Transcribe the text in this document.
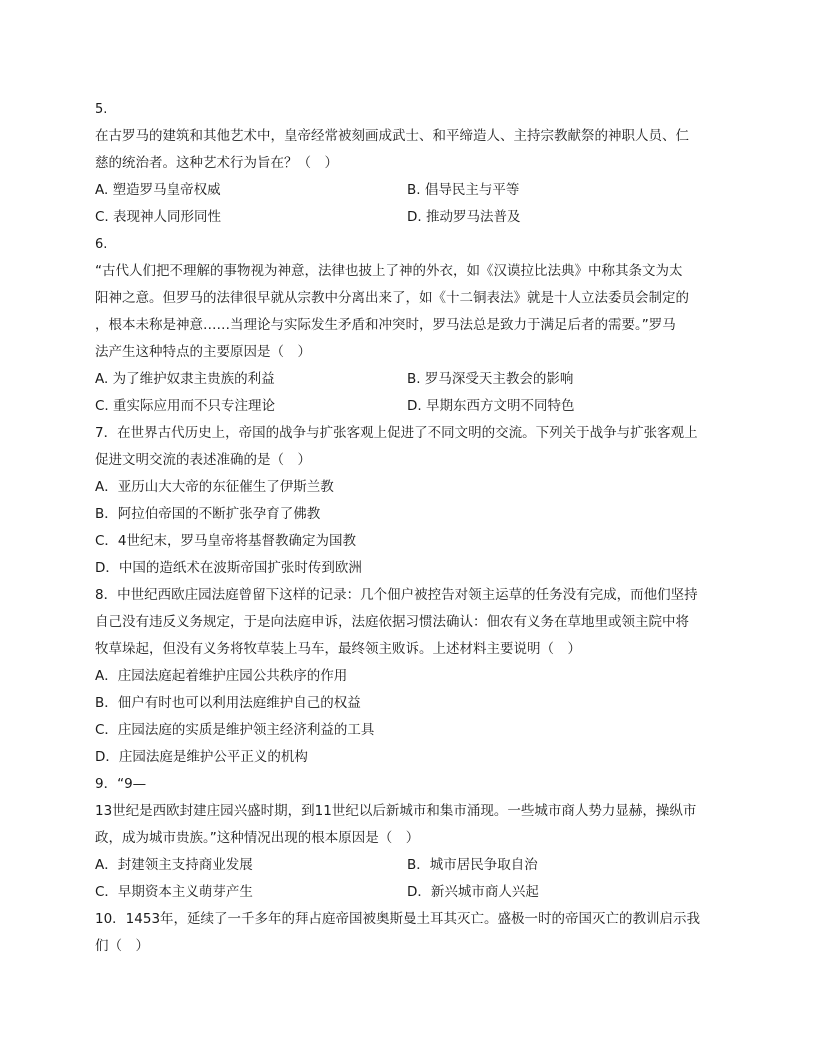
5.
在古罗马的建筑和其他艺术中，皇帝经常被刻画成武士、和平缔造人、主持宗教献祭的神职人员、仁
慈的统治者。这种艺术行为旨在？（　）
A. 塑造罗马皇帝权威	B. 倡导民主与平等
C. 表现神人同形同性	D. 推动罗马法普及
6.
“古代人们把不理解的事物视为神意，法律也披上了神的外衣，如《汉谟拉比法典》中称其条文为太
阳神之意。但罗马的法律很早就从宗教中分离出来了，如《十二铜表法》就是十人立法委员会制定的
，根本未称是神意……当理论与实际发生矛盾和冲突时，罗马法总是致力于满足后者的需要。”罗马
法产生这种特点的主要原因是（　）
A. 为了维护奴隶主贵族的利益	B. 罗马深受天主教会的影响
C. 重实际应用而不只专注理论	D. 早期东西方文明不同特色
7．在世界古代历史上，帝国的战争与扩张客观上促进了不同文明的交流。下列关于战争与扩张客观上
促进文明交流的表述准确的是（　）
A．亚历山大大帝的东征催生了伊斯兰教
B．阿拉伯帝国的不断扩张孕育了佛教
C．4世纪末，罗马皇帝将基督教确定为国教
D．中国的造纸术在波斯帝国扩张时传到欧洲
8．中世纪西欧庄园法庭曾留下这样的记录：几个佃户被控告对领主运草的任务没有完成，而他们坚持
自己没有违反义务规定，于是向法庭申诉，法庭依据习惯法确认：佃农有义务在草地里或领主院中将
牧草垛起，但没有义务将牧草装上马车，最终领主败诉。上述材料主要说明（　）
A．庄园法庭起着维护庄园公共秩序的作用
B．佃户有时也可以利用法庭维护自己的权益
C．庄园法庭的实质是维护领主经济利益的工具
D．庄园法庭是维护公平正义的机构
9．“9—
13世纪是西欧封建庄园兴盛时期，到11世纪以后新城市和集市涌现。一些城市商人势力显赫，操纵市
政，成为城市贵族。”这种情况出现的根本原因是（　）
A．封建领主支持商业发展	B．城市居民争取自治
C．早期资本主义萌芽产生	D．新兴城市商人兴起
10．1453年，延续了一千多年的拜占庭帝国被奥斯曼土耳其灭亡。盛极一时的帝国灭亡的教训启示我
们（　）
